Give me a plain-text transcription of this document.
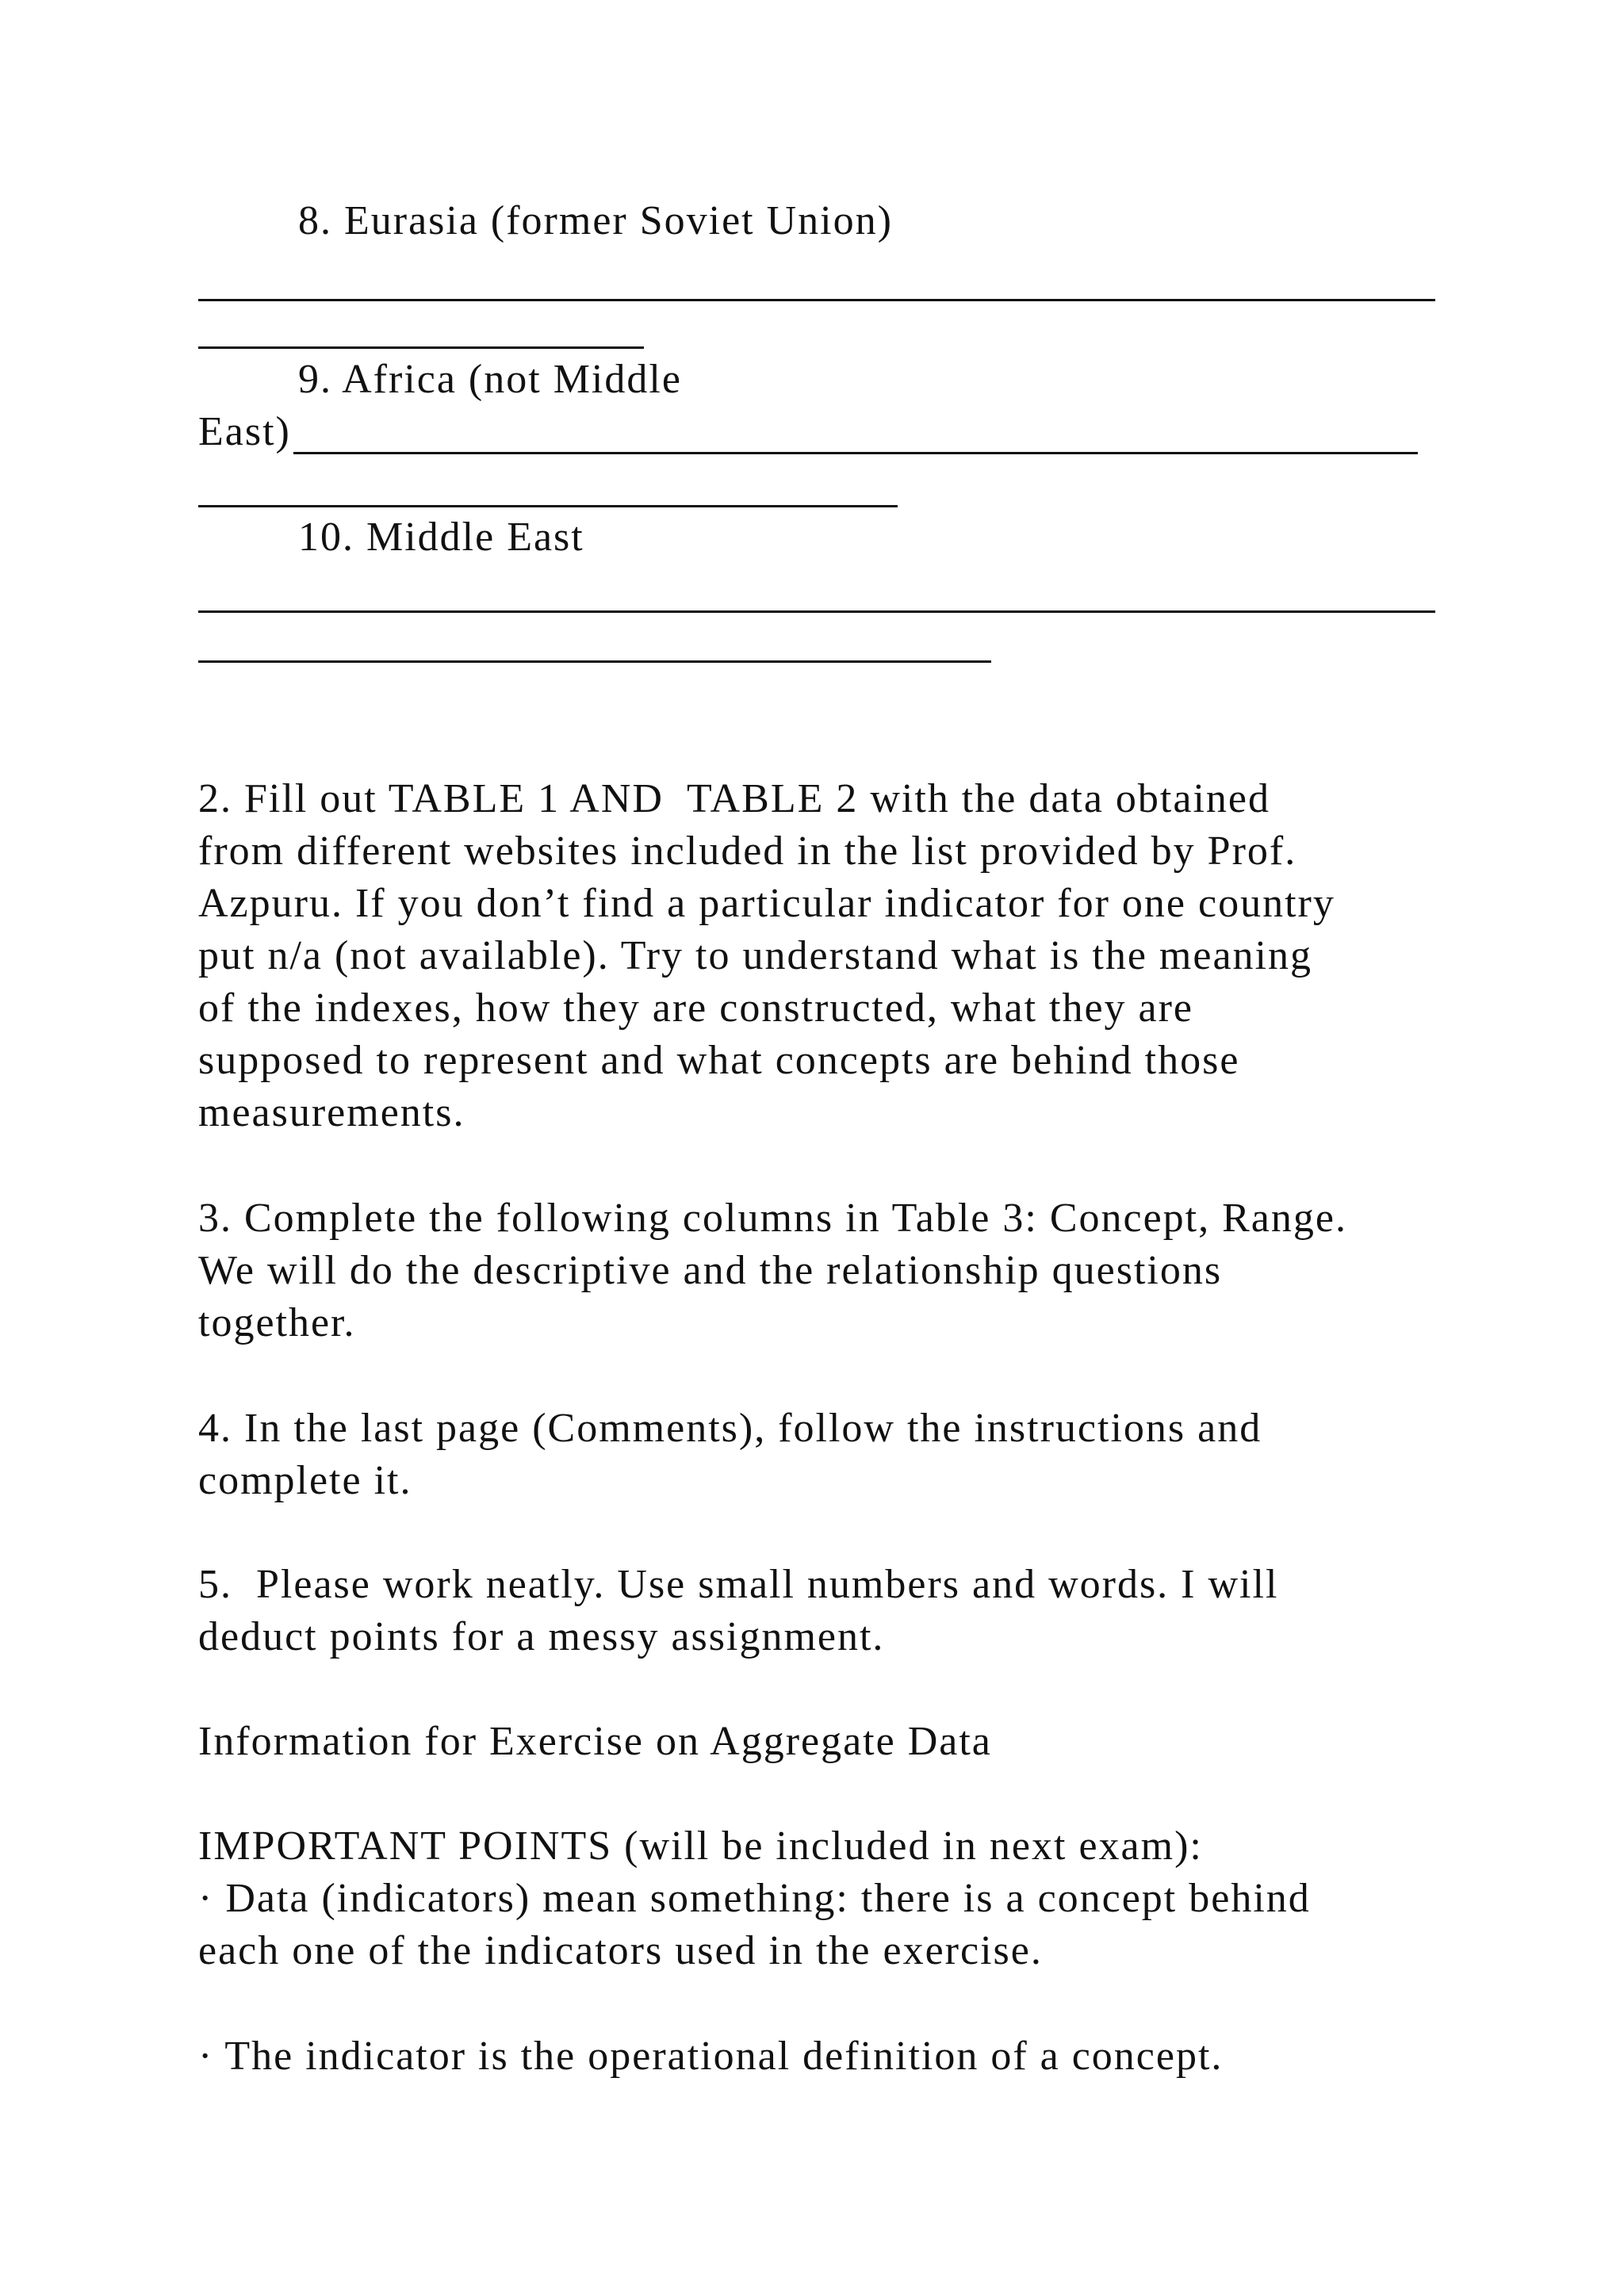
8. Eurasia (former Soviet Union)

9. Africa (not Middle

East)

10. Middle East

2. Fill out TABLE 1 AND  TABLE 2 with the data obtained

from different websites included in the list provided by Prof.

Azpuru. If you don’t find a particular indicator for one country

put n/a (not available). Try to understand what is the meaning

of the indexes, how they are constructed, what they are

supposed to represent and what concepts are behind those

measurements.

3. Complete the following columns in Table 3: Concept, Range.

We will do the descriptive and the relationship questions

together.

4. In the last page (Comments), follow the instructions and

complete it.

5.  Please work neatly. Use small numbers and words. I will

deduct points for a messy assignment.

Information for Exercise on Aggregate Data

IMPORTANT POINTS (will be included in next exam):

· Data (indicators) mean something: there is a concept behind

each one of the indicators used in the exercise.

· The indicator is the operational definition of a concept.
